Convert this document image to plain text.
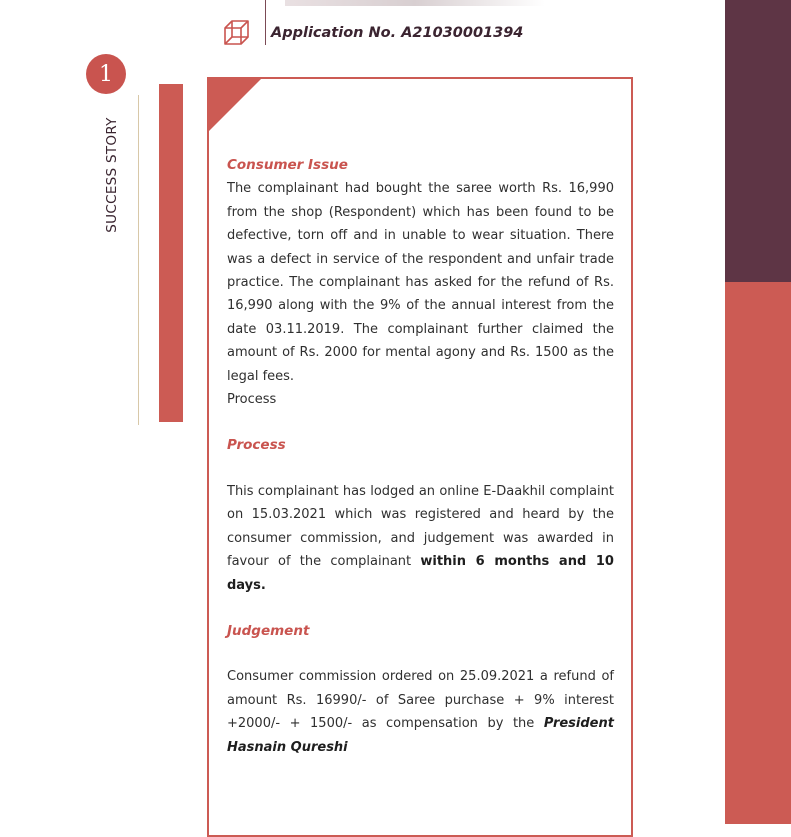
Application No. A21030001394
1
SUCCESS STORY	Consumer Issue

The complainant had bought the saree worth Rs. 16,990 from the shop (Respondent) which has been found to be defective, torn off and in unable to wear situation. There was a defect in service of the respondent and unfair trade practice. The complainant has asked for the refund of Rs. 16,990 along with the 9% of the annual interest from the date 03.11.2019. The complainant further claimed the amount of Rs. 2000 for mental agony and Rs. 1500 as the legal fees.

Process
Process

This complainant has lodged an online E-Daakhil complaint on 15.03.2021 which was registered and heard by the consumer commission, and judgement was awarded in favour of the complainant within 6 months and 10 days.

Judgement

Consumer commission ordered on 25.09.2021 a refund of amount Rs. 16990/- of Saree purchase + 9% interest +2000/- + 1500/- as compensation by the President Hasnain Qureshi
